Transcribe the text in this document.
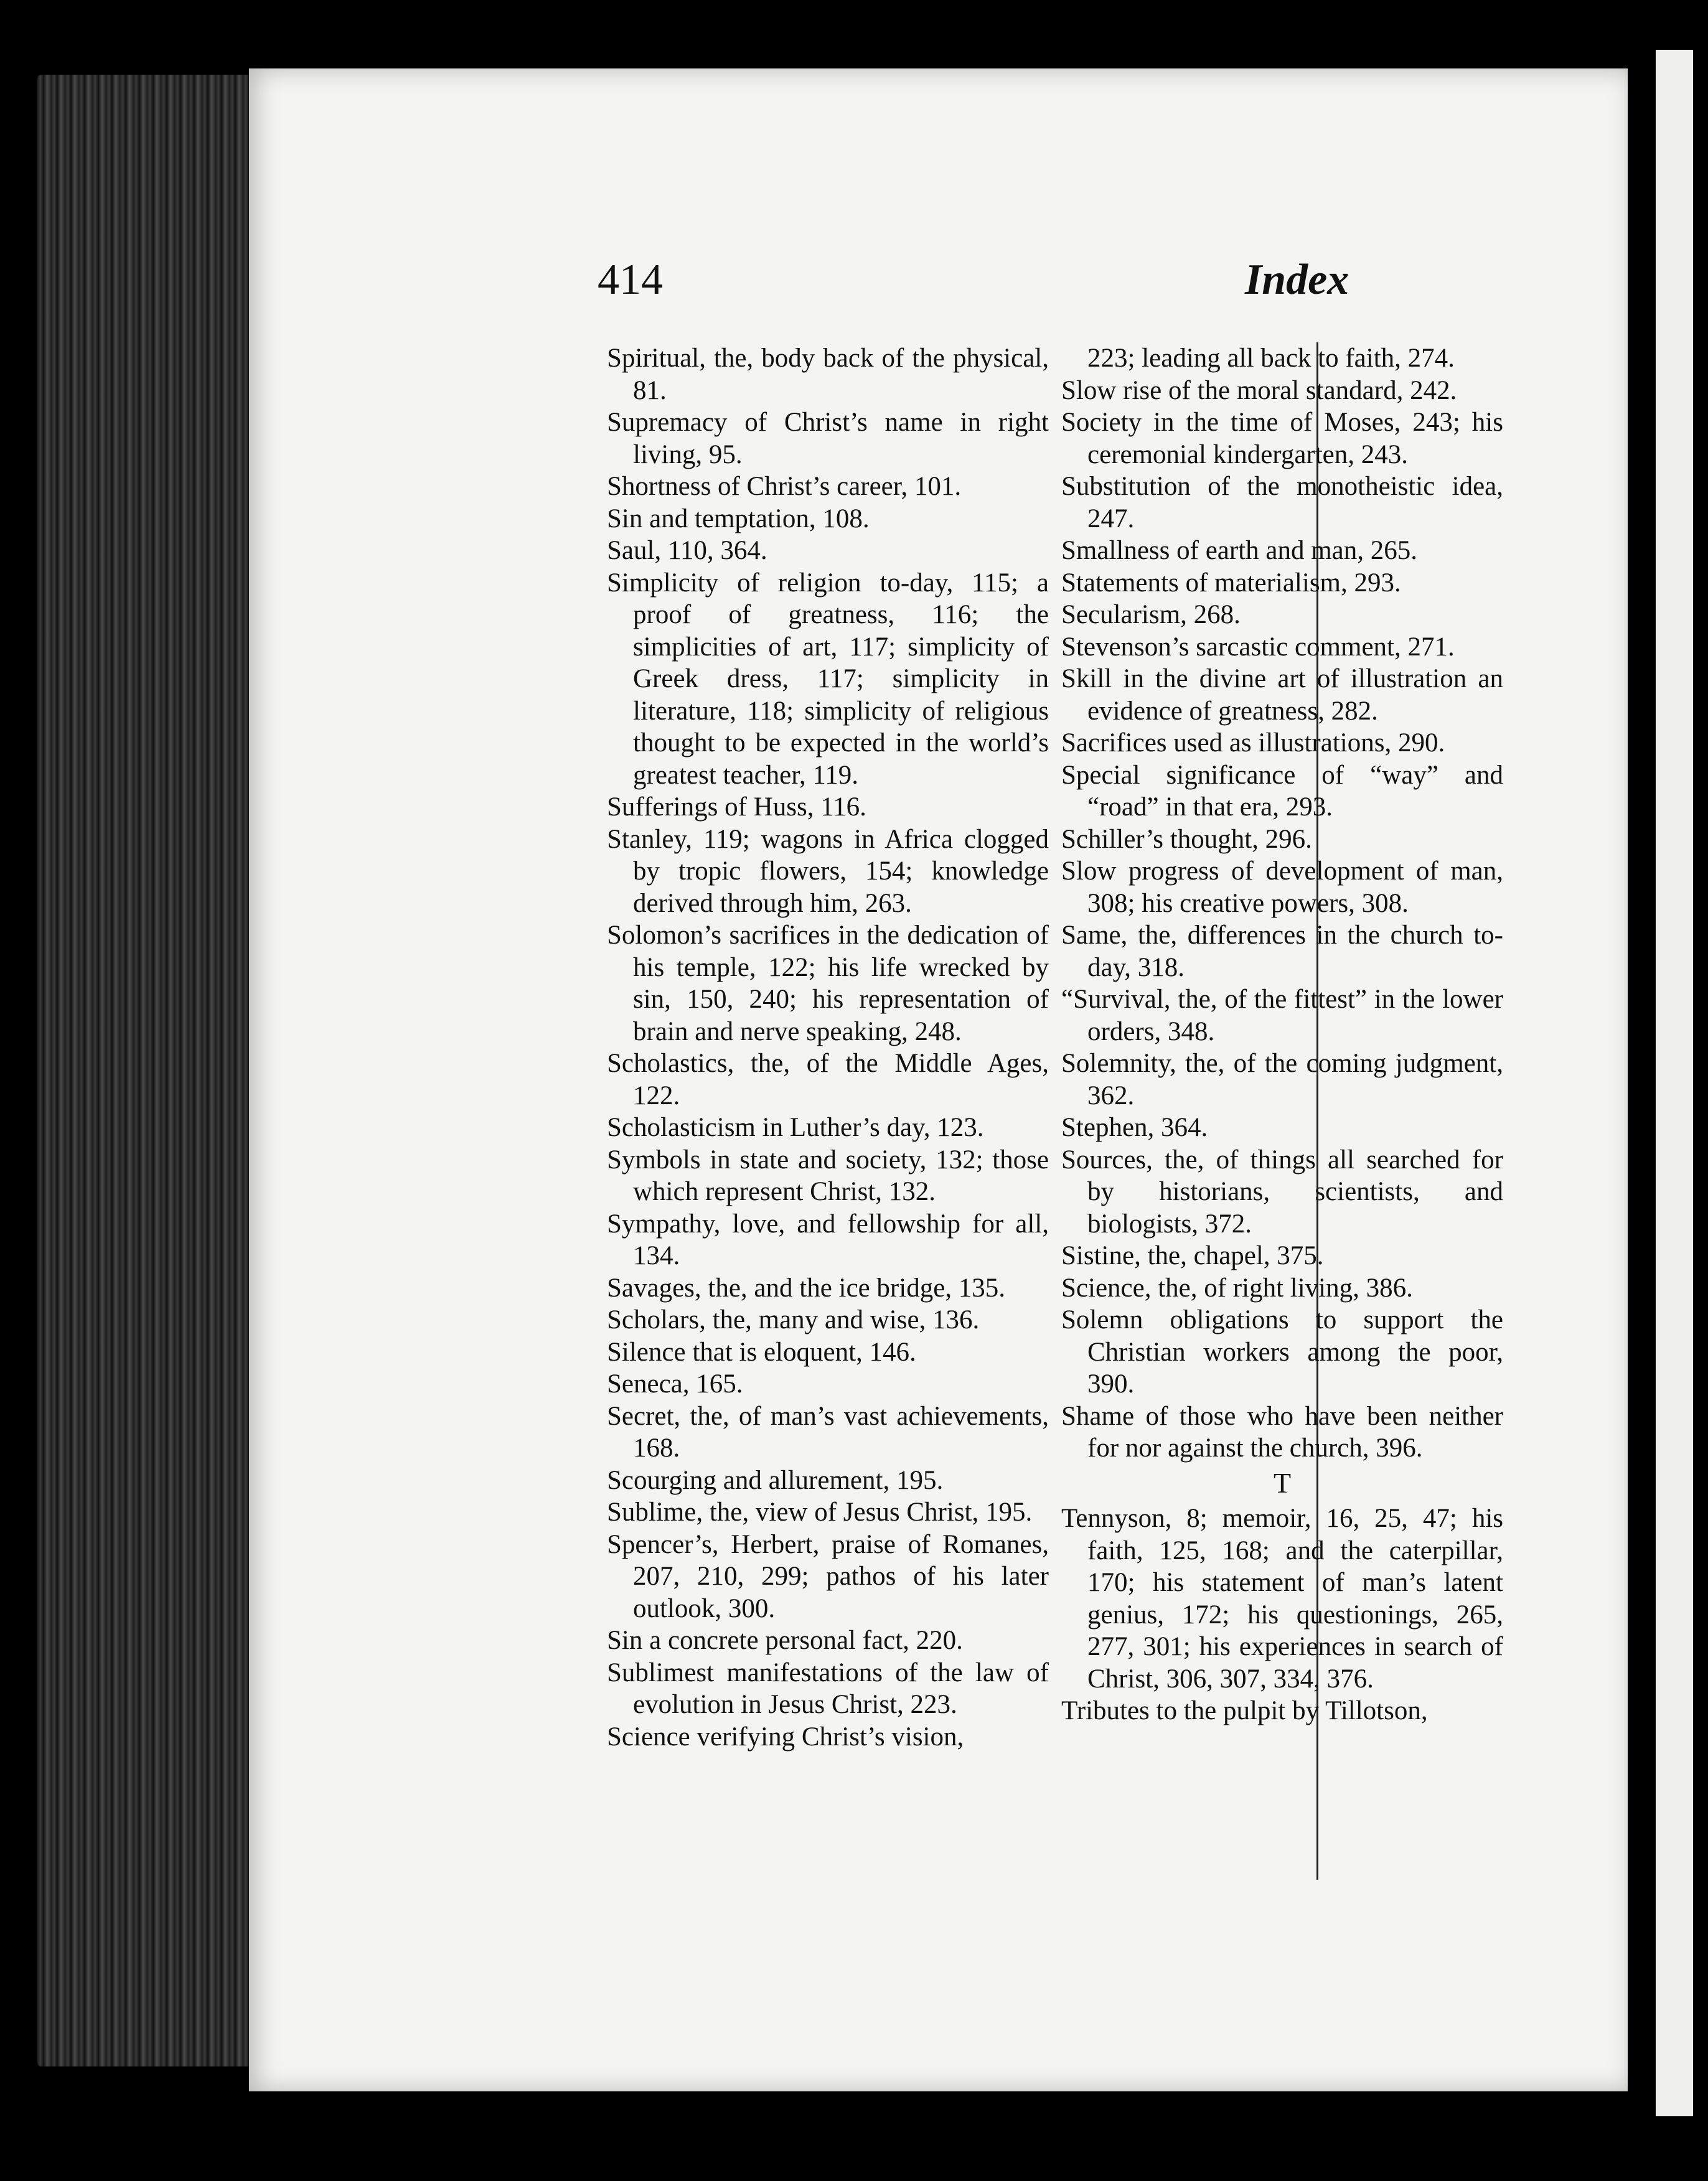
414	Index

Spiritual, the, body back of the physical, 81.

Supremacy of Christ’s name in right living, 95.

Shortness of Christ’s career, 101.

Sin and temptation, 108.

Saul, 110, 364.

Simplicity of religion to-day, 115; a proof of greatness, 116; the simplicities of art, 117; simplicity of Greek dress, 117; simplicity in literature, 118; simplicity of religious thought to be expected in the world’s greatest teacher, 119.

Sufferings of Huss, 116.

Stanley, 119; wagons in Africa clogged by tropic flowers, 154; knowledge derived through him, 263.

Solomon’s sacrifices in the dedication of his temple, 122; his life wrecked by sin, 150, 240; his representation of brain and nerve speaking, 248.

Scholastics, the, of the Middle Ages, 122.

Scholasticism in Luther’s day, 123.

Symbols in state and society, 132; those which represent Christ, 132.

Sympathy, love, and fellowship for all, 134.

Savages, the, and the ice bridge, 135.

Scholars, the, many and wise, 136.

Silence that is eloquent, 146.

Seneca, 165.

Secret, the, of man’s vast achievements, 168.

Scourging and allurement, 195.

Sublime, the, view of Jesus Christ, 195.

Spencer’s, Herbert, praise of Romanes, 207, 210, 299; pathos of his later outlook, 300.

Sin a concrete personal fact, 220.

Sublimest manifestations of the law of evolution in Jesus Christ, 223.

Science verifying Christ’s vision,

223; leading all back to faith, 274.

Slow rise of the moral standard, 242.

Society in the time of Moses, 243; his ceremonial kindergarten, 243.

Substitution of the monotheistic idea, 247.

Smallness of earth and man, 265.

Statements of materialism, 293.

Secularism, 268.

Stevenson’s sarcastic comment, 271.

Skill in the divine art of illustration an evidence of greatness, 282.

Sacrifices used as illustrations, 290.

Special significance of “way” and “road” in that era, 293.

Schiller’s thought, 296.

Slow progress of development of man, 308; his creative powers, 308.

Same, the, differences in the church to-day, 318.

“Survival, the, of the fittest” in the lower orders, 348.

Solemnity, the, of the coming judgment, 362.

Stephen, 364.

Sources, the, of things all searched for by historians, scientists, and biologists, 372.

Sistine, the, chapel, 375.

Science, the, of right living, 386.

Solemn obligations to support the Christian workers among the poor, 390.

Shame of those who have been neither for nor against the church, 396.

T

Tennyson, 8; memoir, 16, 25, 47; his faith, 125, 168; and the caterpillar, 170; his statement of man’s latent genius, 172; his questionings, 265, 277, 301; his experiences in search of Christ, 306, 307, 334, 376.

Tributes to the pulpit by Tillotson,
